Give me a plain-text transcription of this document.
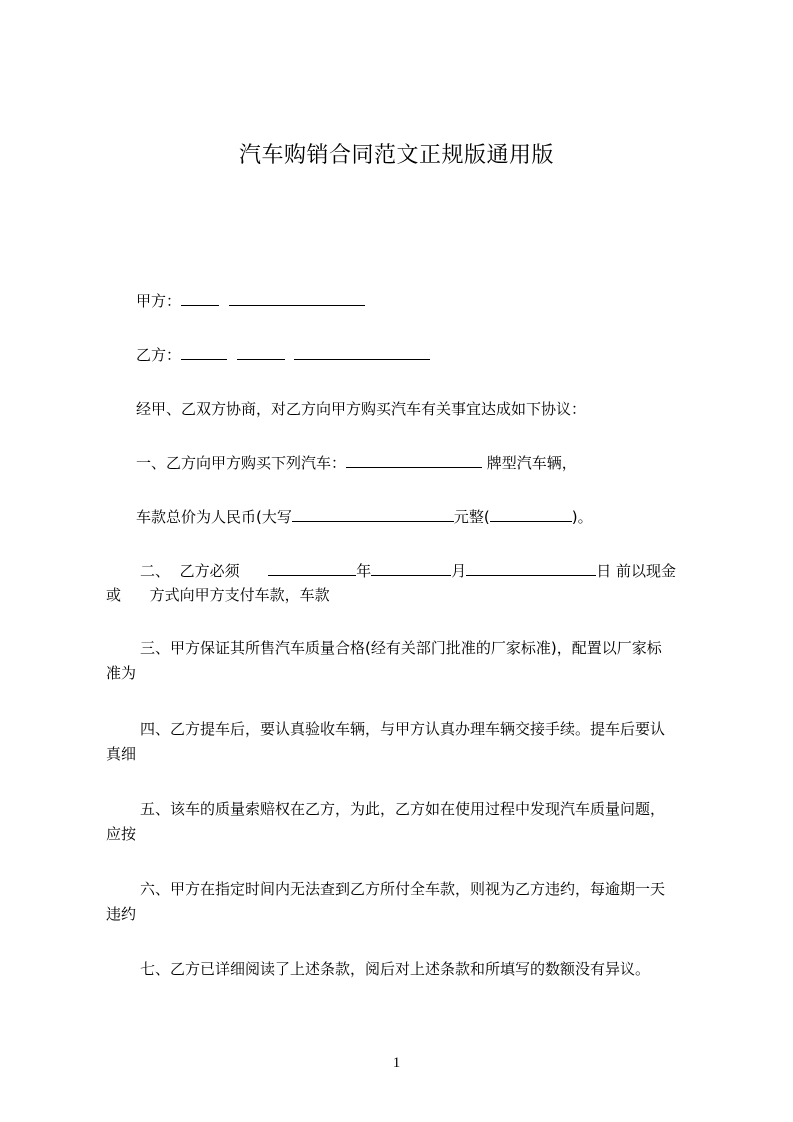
汽车购销合同范文正规版通用版
甲方：
乙方：
经甲、乙双方协商，对乙方向甲方购买汽车有关事宜达成如下协议：
一、乙方向甲方购买下列汽车：	牌型汽车辆，
车款总价为人民币(大写	元整(	)。
二、 乙方必须	年	月	日 前以现金
或 方式向甲方支付车款，车款
三、甲方保证其所售汽车质量合格(经有关部门批准的厂家标准)，配置以厂家标
准为
四、乙方提车后，要认真验收车辆，与甲方认真办理车辆交接手续。提车后要认
真细
五、该车的质量索赔权在乙方，为此，乙方如在使用过程中发现汽车质量问题，
应按
六、甲方在指定时间内无法查到乙方所付全车款，则视为乙方违约，每逾期一天
违约
七、乙方已详细阅读了上述条款，阅后对上述条款和所填写的数额没有异议。
1
